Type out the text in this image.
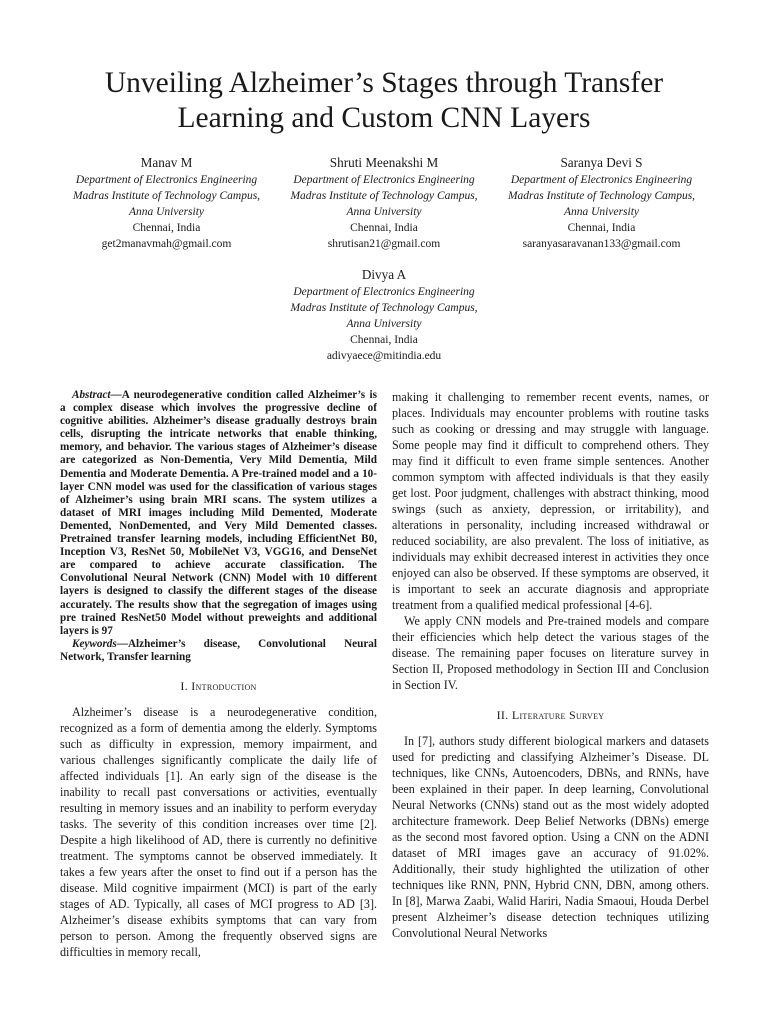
Unveiling Alzheimer’s Stages through Transfer
Learning and Custom CNN Layers
Manav M
Department of Electronics Engineering
Madras Institute of Technology Campus,
Anna University
Chennai, India
get2manavmah@gmail.com
Shruti Meenakshi M
Department of Electronics Engineering
Madras Institute of Technology Campus,
Anna University
Chennai, India
shrutisan21@gmail.com
Saranya Devi S
Department of Electronics Engineering
Madras Institute of Technology Campus,
Anna University
Chennai, India
saranyasaravanan133@gmail.com
Divya A
Department of Electronics Engineering
Madras Institute of Technology Campus,
Anna University
Chennai, India
adivyaece@mitindia.edu

Abstract—A neurodegenerative condition called Alzheimer’s is a complex disease which involves the progressive decline of cognitive abilities. Alzheimer’s disease gradually destroys brain cells, disrupting the intricate networks that enable thinking, memory, and behavior. The various stages of Alzheimer’s disease are categorized as Non-Dementia, Very Mild Dementia, Mild Dementia and Moderate Dementia. A Pre-trained model and a 10-layer CNN model was used for the classification of various stages of Alzheimer’s using brain MRI scans. The system utilizes a dataset of MRI images including Mild Demented, Moderate Demented, NonDemented, and Very Mild Demented classes. Pretrained transfer learning models, including EfficientNet B0, Inception V3, ResNet 50, MobileNet V3, VGG16, and DenseNet are compared to achieve accurate classification. The Convolutional Neural Network (CNN) Model with 10 different layers is designed to classify the different stages of the disease accurately. The results show that the segregation of images using pre trained ResNet50 Model without preweights and additional layers is 97

Keywords—Alzheimer’s disease, Convolutional Neural Network, Transfer learning

I. Introduction

Alzheimer’s disease is a neurodegenerative condition, recognized as a form of dementia among the elderly. Symptoms such as difficulty in expression, memory impairment, and various challenges significantly complicate the daily life of affected individuals [1]. An early sign of the disease is the inability to recall past conversations or activities, eventually resulting in memory issues and an inability to perform everyday tasks. The severity of this condition increases over time [2]. Despite a high likelihood of AD, there is currently no definitive treatment. The symptoms cannot be observed immediately. It takes a few years after the onset to find out if a person has the disease. Mild cognitive impairment (MCI) is part of the early stages of AD. Typically, all cases of MCI progress to AD [3]. Alzheimer’s disease exhibits symptoms that can vary from person to person. Among the frequently observed signs are difficulties in memory recall,

making it challenging to remember recent events, names, or places. Individuals may encounter problems with routine tasks such as cooking or dressing and may struggle with language. Some people may find it difficult to comprehend others. They may find it difficult to even frame simple sentences. Another common symptom with affected individuals is that they easily get lost. Poor judgment, challenges with abstract thinking, mood swings (such as anxiety, depression, or irritability), and alterations in personality, including increased withdrawal or reduced sociability, are also prevalent. The loss of initiative, as individuals may exhibit decreased interest in activities they once enjoyed can also be observed. If these symptoms are observed, it is important to seek an accurate diagnosis and appropriate treatment from a qualified medical professional [4-6].

We apply CNN models and Pre-trained models and compare their efficiencies which help detect the various stages of the disease. The remaining paper focuses on literature survey in Section II, Proposed methodology in Section III and Conclusion in Section IV.

II. Literature Survey

In [7], authors study different biological markers and datasets used for predicting and classifying Alzheimer’s Disease. DL techniques, like CNNs, Autoencoders, DBNs, and RNNs, have been explained in their paper. In deep learning, Convolutional Neural Networks (CNNs) stand out as the most widely adopted architecture framework. Deep Belief Networks (DBNs) emerge as the second most favored option. Using a CNN on the ADNI dataset of MRI images gave an accuracy of 91.02%. Additionally, their study highlighted the utilization of other techniques like RNN, PNN, Hybrid CNN, DBN, among others. In [8], Marwa Zaabi, Walid Hariri, Nadia Smaoui, Houda Derbel present Alzheimer’s disease detection techniques utilizing Convolutional Neural Networks
